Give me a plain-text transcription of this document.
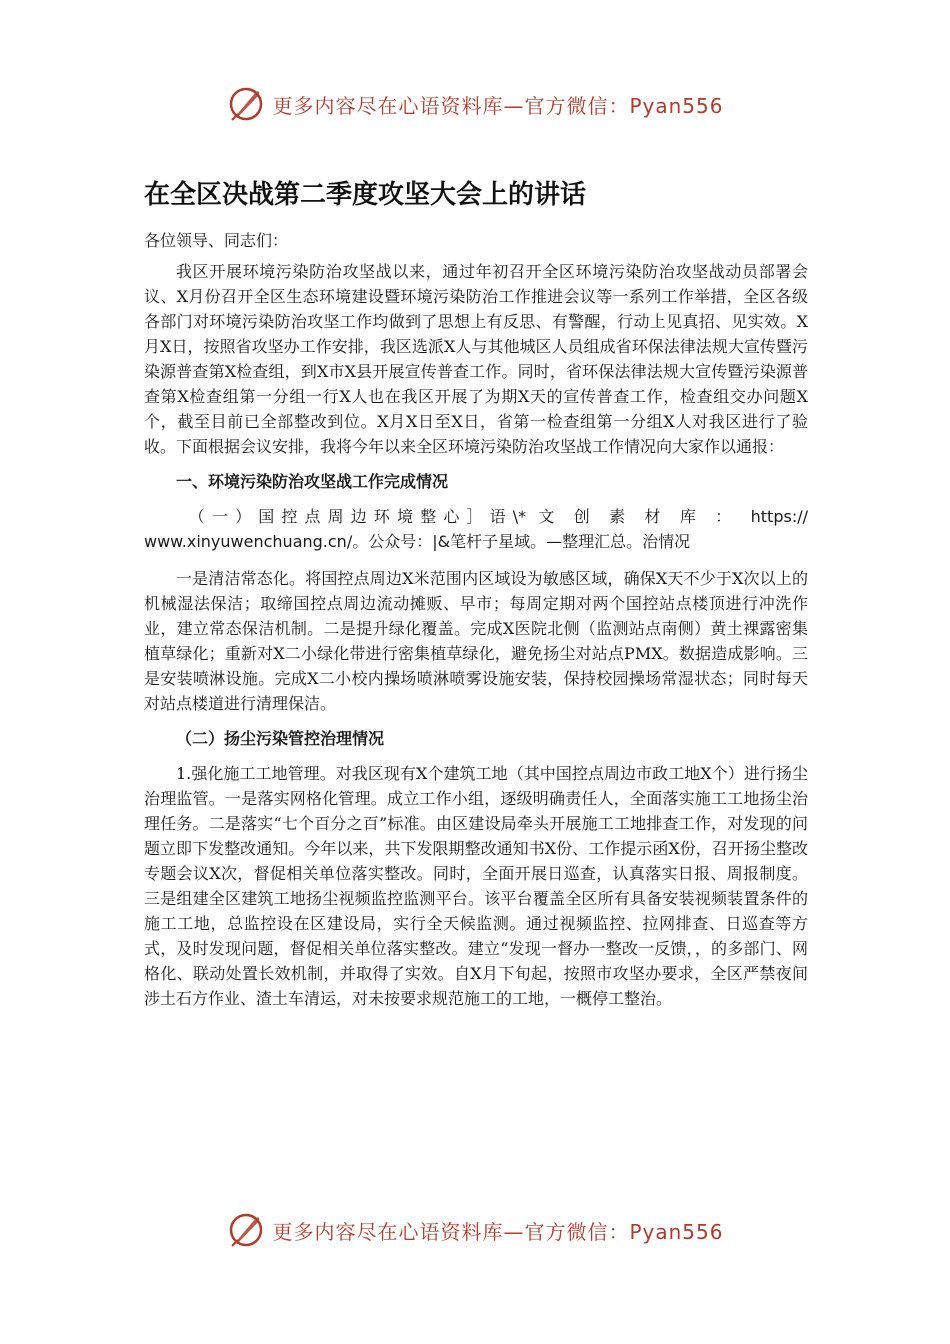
更多内容尽在心语资料库—官方微信：Pyan556
在全区决战第二季度攻坚大会上的讲话

各位领导、同志们：

我区开展环境污染防治攻坚战以来，通过年初召开全区环境污染防治攻坚战动员部署会议、X月份召开全区生态环境建设暨环境污染防治工作推进会议等一系列工作举措，全区各级各部门对环境污染防治攻坚工作均做到了思想上有反思、有警醒，行动上见真招、见实效。X月X日，按照省攻坚办工作安排，我区选派X人与其他城区人员组成省环保法律法规大宣传暨污染源普查第X检查组，到X市X县开展宣传普查工作。同时，省环保法律法规大宣传暨污染源普查第X检查组第一分组一行X人也在我区开展了为期X天的宣传普查工作，检查组交办问题X个，截至目前已全部整改到位。X月X日至X日，省第一检查组第一分组X人对我区进行了验收。下面根据会议安排，我将今年以来全区环境污染防治攻坚战工作情况向大家作以通报：

一、环境污染防治攻坚战工作完成情况

（一）国控点周边环境整心］语\* 文 创 素 材 库 ： https://
www.xinyuwenchuang.cn/。公众号：|&笔杆子星域。—整理汇总。治情况

一是清洁常态化。将国控点周边X米范围内区域设为敏感区域，确保X天不少于X次以上的机械湿法保洁；取缔国控点周边流动摊贩、早市；每周定期对两个国控站点楼顶进行冲洗作业，建立常态保洁机制。二是提升绿化覆盖。完成X医院北侧（监测站点南侧）黄土裸露密集植草绿化；重新对X二小绿化带进行密集植草绿化，避免扬尘对站点PMX。数据造成影响。三是安装喷淋设施。完成X二小校内操场喷淋喷雾设施安装，保持校园操场常湿状态；同时每天对站点楼道进行清理保洁。

（二）扬尘污染管控治理情况

1.强化施工工地管理。对我区现有X个建筑工地（其中国控点周边市政工地X个）进行扬尘治理监管。一是落实网格化管理。成立工作小组，逐级明确责任人，全面落实施工工地扬尘治理任务。二是落实“七个百分之百”标准。由区建设局牵头开展施工工地排查工作，对发现的问题立即下发整改通知。今年以来，共下发限期整改通知书X份、工作提示函X份，召开扬尘整改专题会议X次，督促相关单位落实整改。同时，全面开展日巡查，认真落实日报、周报制度。三是组建全区建筑工地扬尘视频监控监测平台。该平台覆盖全区所有具备安装视频装置条件的施工工地，总监控设在区建设局，实行全天候监测。通过视频监控、拉网排查、日巡查等方式，及时发现问题，督促相关单位落实整改。建立“发现一督办一整改一反馈，，的多部门、网格化、联动处置长效机制，并取得了实效。自X月下旬起，按照市攻坚办要求，全区严禁夜间涉土石方作业、渣土车清运，对未按要求规范施工的工地，一概停工整治。

更多内容尽在心语资料库—官方微信：Pyan556
